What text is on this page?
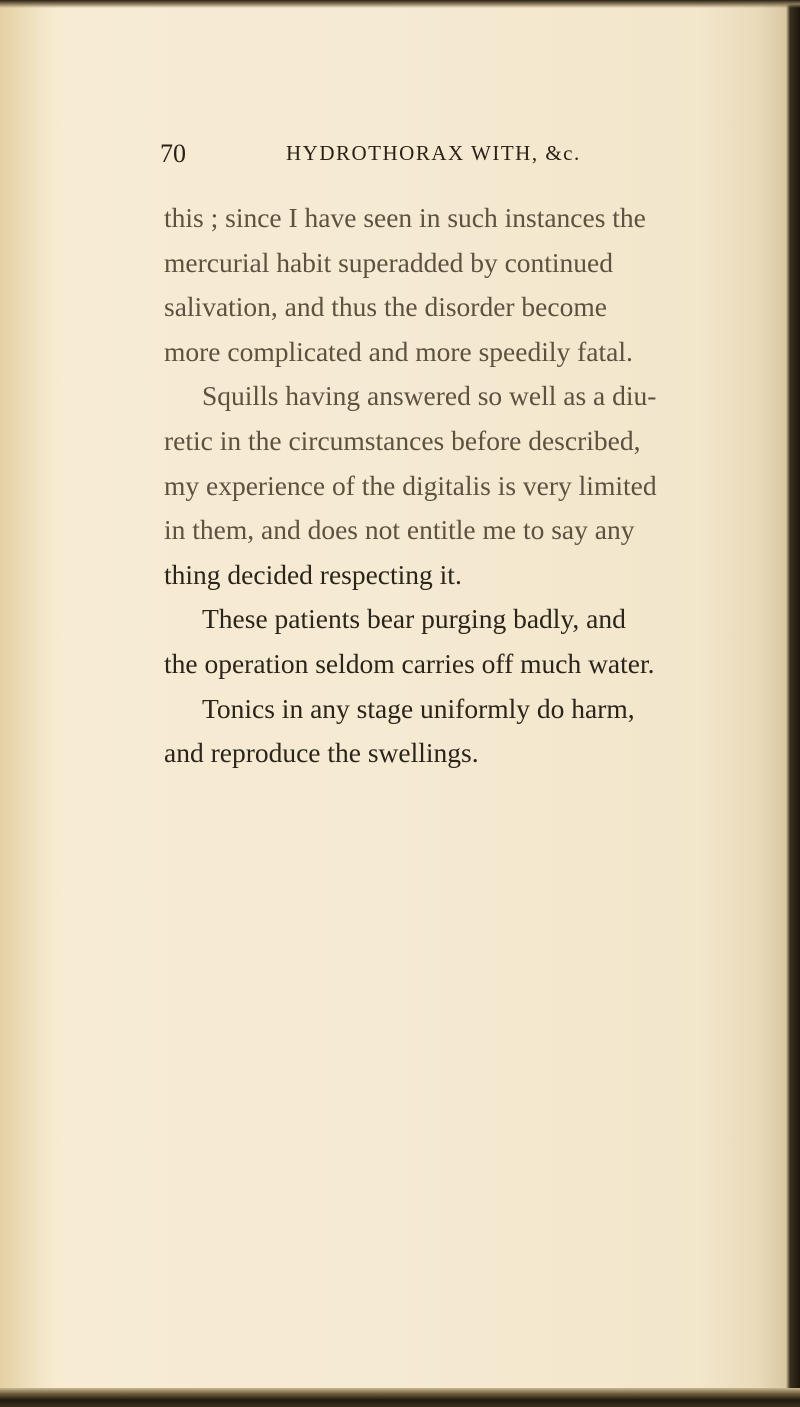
70	HYDROTHORAX WITH, &c.
this ; since I have seen in such instances the
mercurial habit superadded by continued
salivation, and thus the disorder become
more complicated and more speedily fatal.
Squills having answered so well as a diu-
retic in the circumstances before described,
my experience of the digitalis is very limited
in them, and does not entitle me to say any
thing decided respecting it.
These patients bear purging badly, and
the operation seldom carries off much water.
Tonics in any stage uniformly do harm,
and reproduce the swellings.
